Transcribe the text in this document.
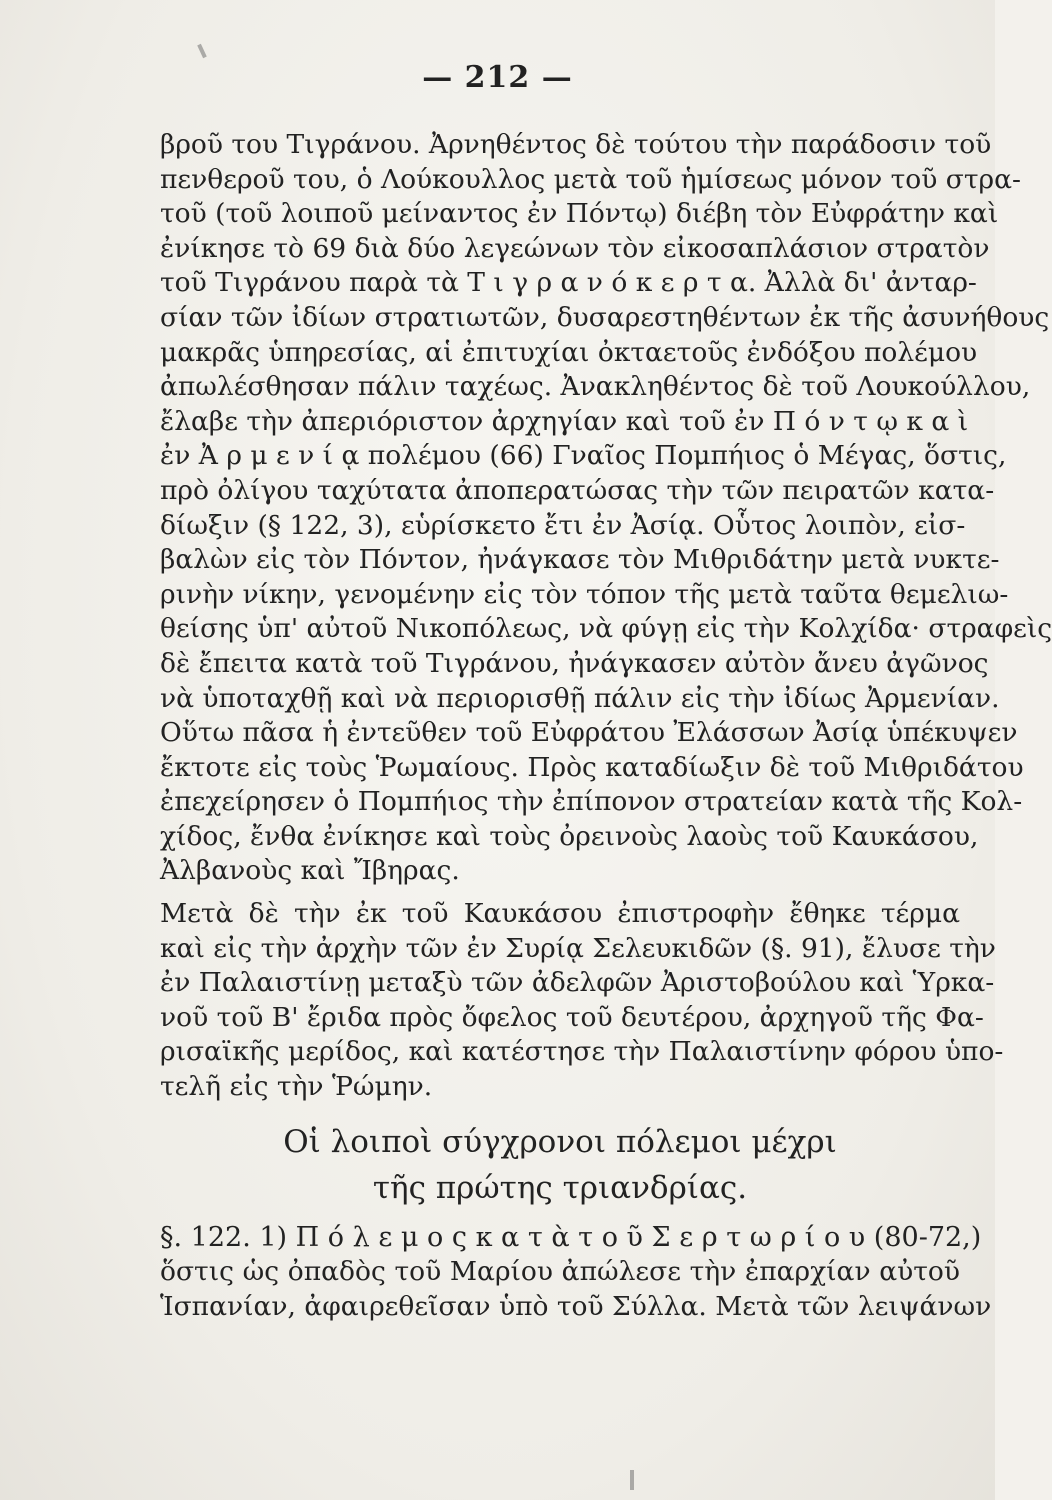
— 212 —
βροῦ του Τιγράνου. Ἀρνηθέντος δὲ τούτου τὴν παράδοσιν τοῦ
πενθεροῦ του, ὁ Λούκουλλος μετὰ τοῦ ἡμίσεως μόνον τοῦ στρα-
τοῦ (τοῦ λοιποῦ μείναντος ἐν Πόντῳ) διέβη τὸν Εὐφράτην καὶ
ἐνίκησε τὸ 69 διὰ δύο λεγεώνων τὸν εἰκοσαπλάσιον στρατὸν
τοῦ Τιγράνου παρὰ τὰ Τ ι γ ρ α ν ό κ ε ρ τ α. Ἀλλὰ δι' ἀνταρ-
σίαν τῶν ἰδίων στρατιωτῶν, δυσαρεστηθέντων ἐκ τῆς ἀσυνήθους
μακρᾶς ὑπηρεσίας, αἱ ἐπιτυχίαι ὀκταετοῦς ἐνδόξου πολέμου
ἀπωλέσθησαν πάλιν ταχέως. Ἀνακληθέντος δὲ τοῦ Λουκούλλου,
ἔλαβε τὴν ἀπεριόριστον ἀρχηγίαν καὶ τοῦ ἐν Π ό ν τ ῳ κ α ὶ
ἐν Ἀ ρ μ ε ν ί ᾳ πολέμου (66) Γναῖος Πομπήιος ὁ Μέγας, ὅστις,
πρὸ ὀλίγου ταχύτατα ἀποπερατώσας τὴν τῶν πειρατῶν κατα-
δίωξιν (§ 122, 3), εὑρίσκετο ἔτι ἐν Ἀσίᾳ. Οὗτος λοιπὸν, εἰσ-
βαλὼν εἰς τὸν Πόντον, ἠνάγκασε τὸν Μιθριδάτην μετὰ νυκτε-
ρινὴν νίκην, γενομένην εἰς τὸν τόπον τῆς μετὰ ταῦτα θεμελιω-
θείσης ὑπ' αὐτοῦ Νικοπόλεως, νὰ φύγῃ εἰς τὴν Κολχίδα· στραφεὶς
δὲ ἔπειτα κατὰ τοῦ Τιγράνου, ἠνάγκασεν αὐτὸν ἄνευ ἀγῶνος
νὰ ὑποταχθῇ καὶ νὰ περιορισθῇ πάλιν εἰς τὴν ἰδίως Ἀρμενίαν.
Οὕτω πᾶσα ἡ ἐντεῦθεν τοῦ Εὐφράτου Ἐλάσσων Ἀσίᾳ ὑπέκυψεν
ἔκτοτε εἰς τοὺς Ῥωμαίους. Πρὸς καταδίωξιν δὲ τοῦ Μιθριδάτου
ἐπεχείρησεν ὁ Πομπήιος τὴν ἐπίπονον στρατείαν κατὰ τῆς Κολ-
χίδος, ἔνθα ἐνίκησε καὶ τοὺς ὀρεινοὺς λαοὺς τοῦ Καυκάσου,
Ἀλβανοὺς καὶ Ἴβηρας.
Μετὰ δὲ τὴν ἐκ τοῦ Καυκάσου ἐπιστροφὴν ἔθηκε τέρμα
καὶ εἰς τὴν ἀρχὴν τῶν ἐν Συρίᾳ Σελευκιδῶν (§. 91), ἔλυσε τὴν
ἐν Παλαιστίνῃ μεταξὺ τῶν ἀδελφῶν Ἀριστοβούλου καὶ Ὑρκα-
νοῦ τοῦ Β' ἔριδα πρὸς ὄφελος τοῦ δευτέρου, ἀρχηγοῦ τῆς Φα-
ρισαϊκῆς μερίδος, καὶ κατέστησε τὴν Παλαιστίνην φόρου ὑπο-
τελῆ εἰς τὴν Ῥώμην.
Οἱ λοιποὶ σύγχρονοι πόλεμοι μέχρι
τῆς πρώτης τριανδρίας.
§. 122. 1) Π ό λ ε μ ο ς κ α τ ὰ τ ο ῦ Σ ε ρ τ ω ρ ί ο υ (80-72,)
ὅστις ὡς ὀπαδὸς τοῦ Μαρίου ἀπώλεσε τὴν ἐπαρχίαν αὐτοῦ
Ἱσπανίαν, ἀφαιρεθεῖσαν ὑπὸ τοῦ Σύλλα. Μετὰ τῶν λειψάνων
